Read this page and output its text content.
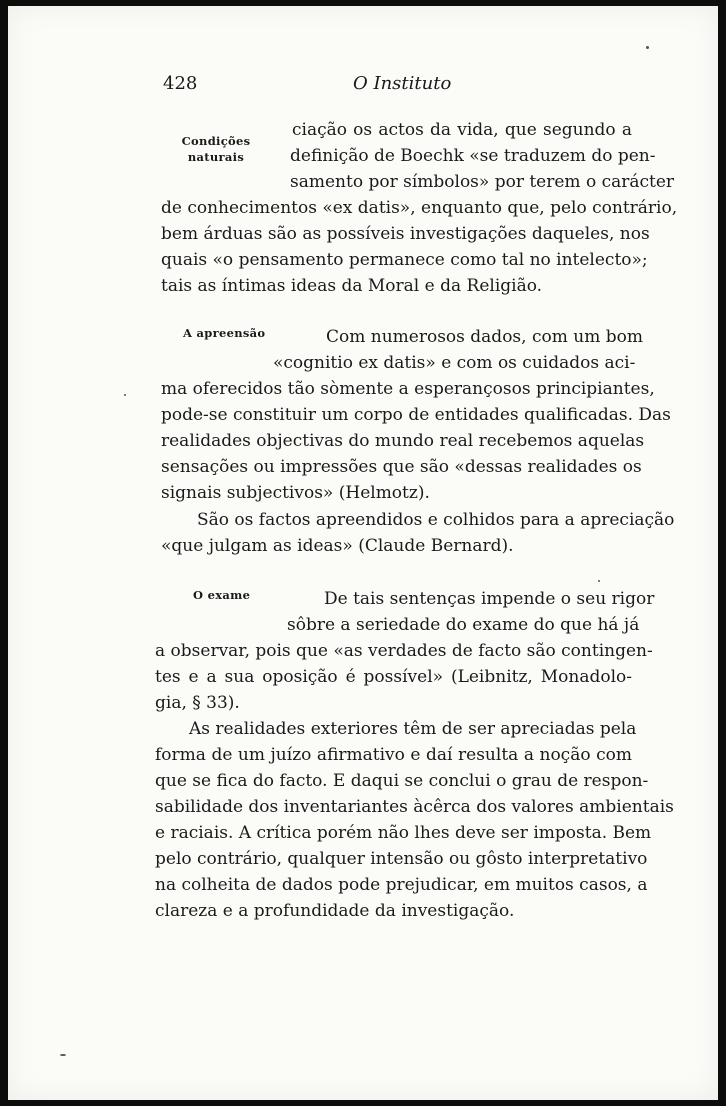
428	O Instituto
Condições
naturais
A apreensão
O exame
ciação os actos da vida, que segundo a
definição de Boechk «se traduzem do pen-
samento por símbolos» por terem o carácter
de conhecimentos «ex datis», enquanto que, pelo contrário,
bem árduas são as possíveis investigações daqueles, nos
quais «o pensamento permanece como tal no intelecto»;
tais as íntimas ideas da Moral e da Religião.
Com numerosos dados, com um bom
«cognitio ex datis» e com os cuidados aci-
ma oferecidos tão sòmente a esperançosos principiantes,
pode-se constituir um corpo de entidades qualificadas. Das
realidades objectivas do mundo real recebemos aquelas
sensações ou impressões que são «dessas realidades os
signais subjectivos» (Helmotz).
São os factos apreendidos e colhidos para a apreciação
«que julgam as ideas» (Claude Bernard).
De tais sentenças impende o seu rigor
sôbre a seriedade do exame do que há já
a observar, pois que «as verdades de facto são contingen-
tes e a sua oposição é possível» (Leibnitz, Monadolo-
gia, § 33).
As realidades exteriores têm de ser apreciadas pela
forma de um juízo afirmativo e daí resulta a noção com
que se fica do facto. E daqui se conclui o grau de respon-
sabilidade dos inventariantes àcêrca dos valores ambientais
e raciais. A crítica porém não lhes deve ser imposta. Bem
pelo contrário, qualquer intensão ou gôsto interpretativo
na colheita de dados pode prejudicar, em muitos casos, a
clareza e a profundidade da investigação.
